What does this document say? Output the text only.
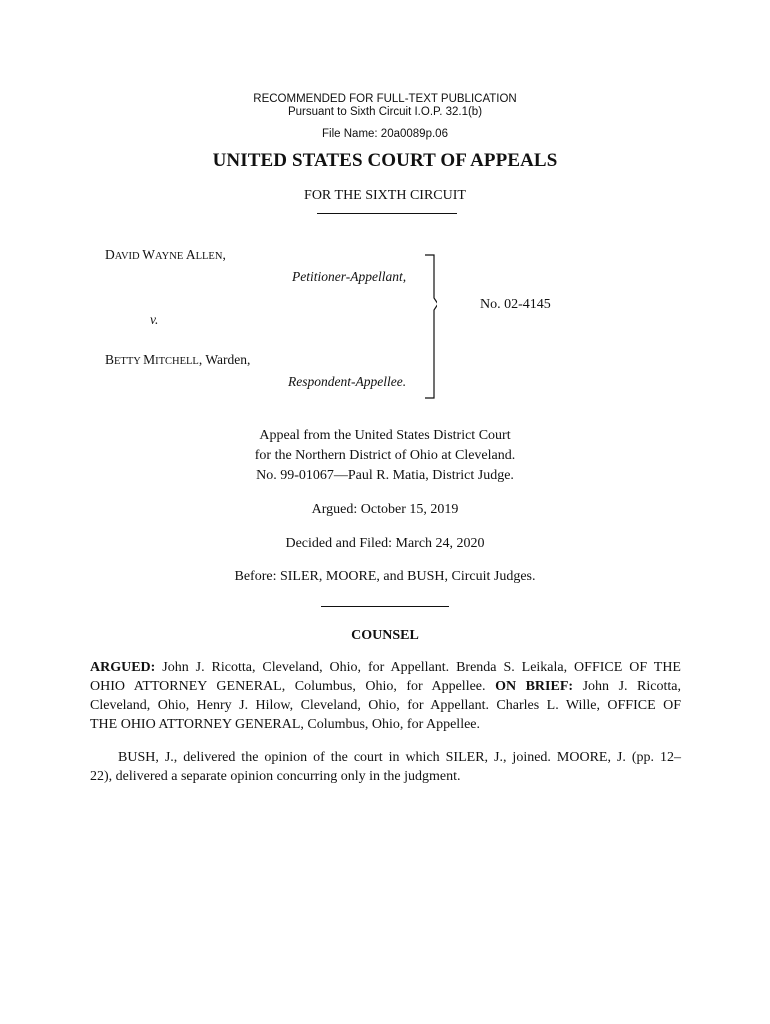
RECOMMENDED FOR FULL-TEXT PUBLICATION
Pursuant to Sixth Circuit I.O.P. 32.1(b)
File Name: 20a0089p.06
UNITED STATES COURT OF APPEALS
FOR THE SIXTH CIRCUIT
DAVID WAYNE ALLEN,
Petitioner-Appellant,
v.
BETTY MITCHELL, Warden,
Respondent-Appellee.
No. 02-4145
Appeal from the United States District Court
for the Northern District of Ohio at Cleveland.
No. 99-01067—Paul R. Matia, District Judge.
Argued: October 15, 2019
Decided and Filed: March 24, 2020
Before: SILER, MOORE, and BUSH, Circuit Judges.
COUNSEL
ARGUED: John J. Ricotta, Cleveland, Ohio, for Appellant. Brenda S. Leikala, OFFICE OF THE
OHIO ATTORNEY GENERAL, Columbus, Ohio, for Appellee. ON BRIEF: John J. Ricotta,
Cleveland, Ohio, Henry J. Hilow, Cleveland, Ohio, for Appellant. Charles L. Wille, OFFICE OF
THE OHIO ATTORNEY GENERAL, Columbus, Ohio, for Appellee.
BUSH, J., delivered the opinion of the court in which SILER, J., joined. MOORE, J. (pp. 12–
22), delivered a separate opinion concurring only in the judgment.
